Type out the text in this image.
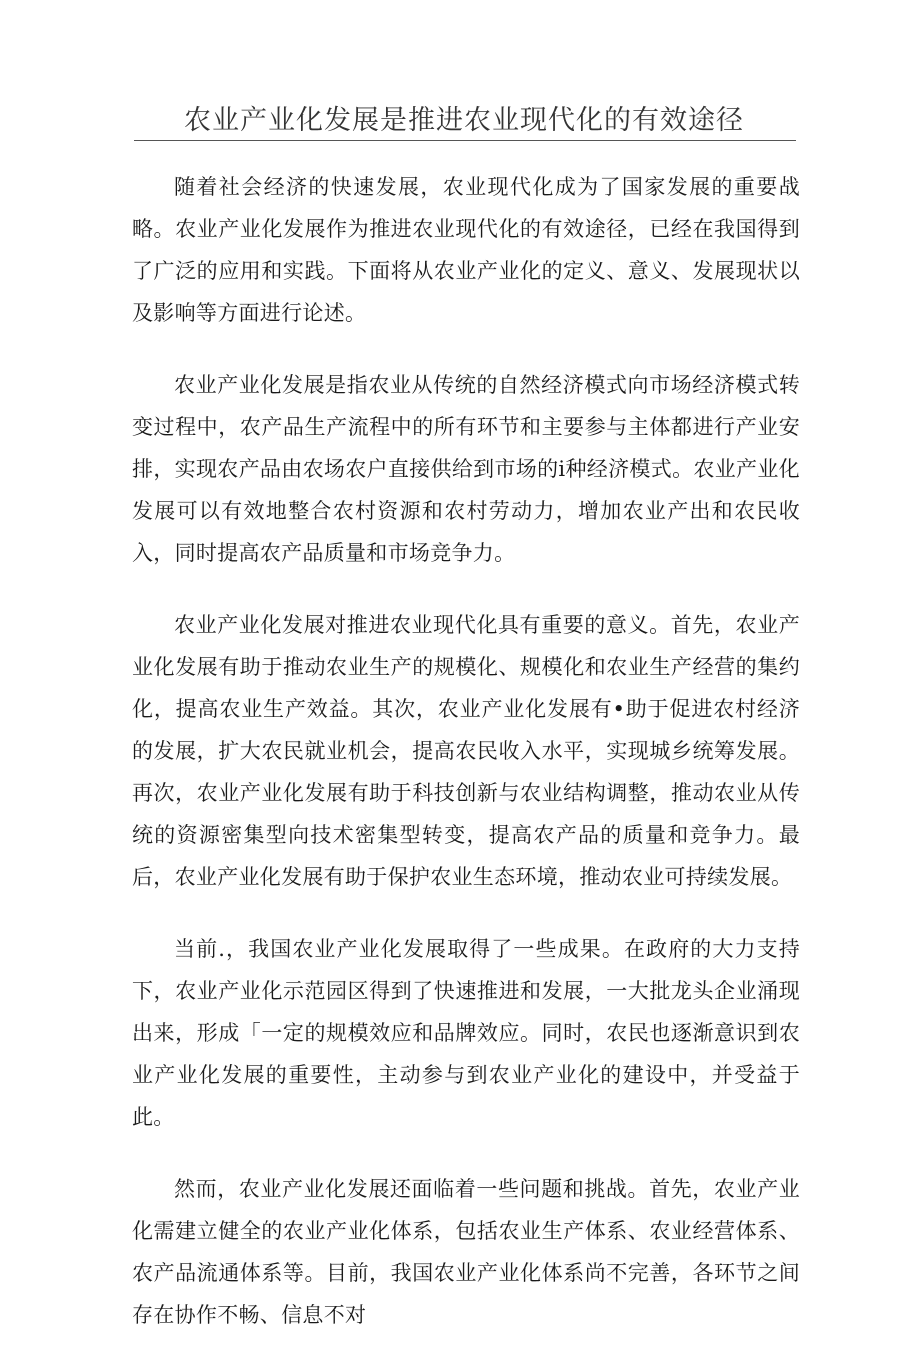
农业产业化发展是推进农业现代化的有效途径

随着社会经济的快速发展，农业现代化成为了国家发展的重要战略。农业产业化发展作为推进农业现代化的有效途径，已经在我国得到了广泛的应用和实践。下面将从农业产业化的定义、意义、发展现状以及影响等方面进行论述。

农业产业化发展是指农业从传统的自然经济模式向市场经济模式转变过程中，农产品生产流程中的所有环节和主要参与主体都进行产业安排，实现农产品由农场农户直接供给到市场的i种经济模式。农业产业化发展可以有效地整合农村资源和农村劳动力，增加农业产出和农民收入，同时提高农产品质量和市场竞争力。

农业产业化发展对推进农业现代化具有重要的意义。首先，农业产业化发展有助于推动农业生产的规模化、规模化和农业生产经营的集约化，提高农业生产效益。其次，农业产业化发展有•助于促进农村经济的发展，扩大农民就业机会，提高农民收入水平，实现城乡统筹发展。再次，农业产业化发展有助于科技创新与农业结构调整，推动农业从传统的资源密集型向技术密集型转变，提高农产品的质量和竞争力。最后，农业产业化发展有助于保护农业生态环境，推动农业可持续发展。

当前.，我国农业产业化发展取得了一些成果。在政府的大力支持下，农业产业化示范园区得到了快速推进和发展，一大批龙头企业涌现出来，形成「一定的规模效应和品牌效应。同时，农民也逐渐意识到农业产业化发展的重要性，主动参与到农业产业化的建设中，并受益于此。

然而，农业产业化发展还面临着一些问题和挑战。首先，农业产业化需建立健全的农业产业化体系，包括农业生产体系、农业经营体系、农产品流通体系等。目前，我国农业产业化体系尚不完善，各环节之间存在协作不畅、信息不对
